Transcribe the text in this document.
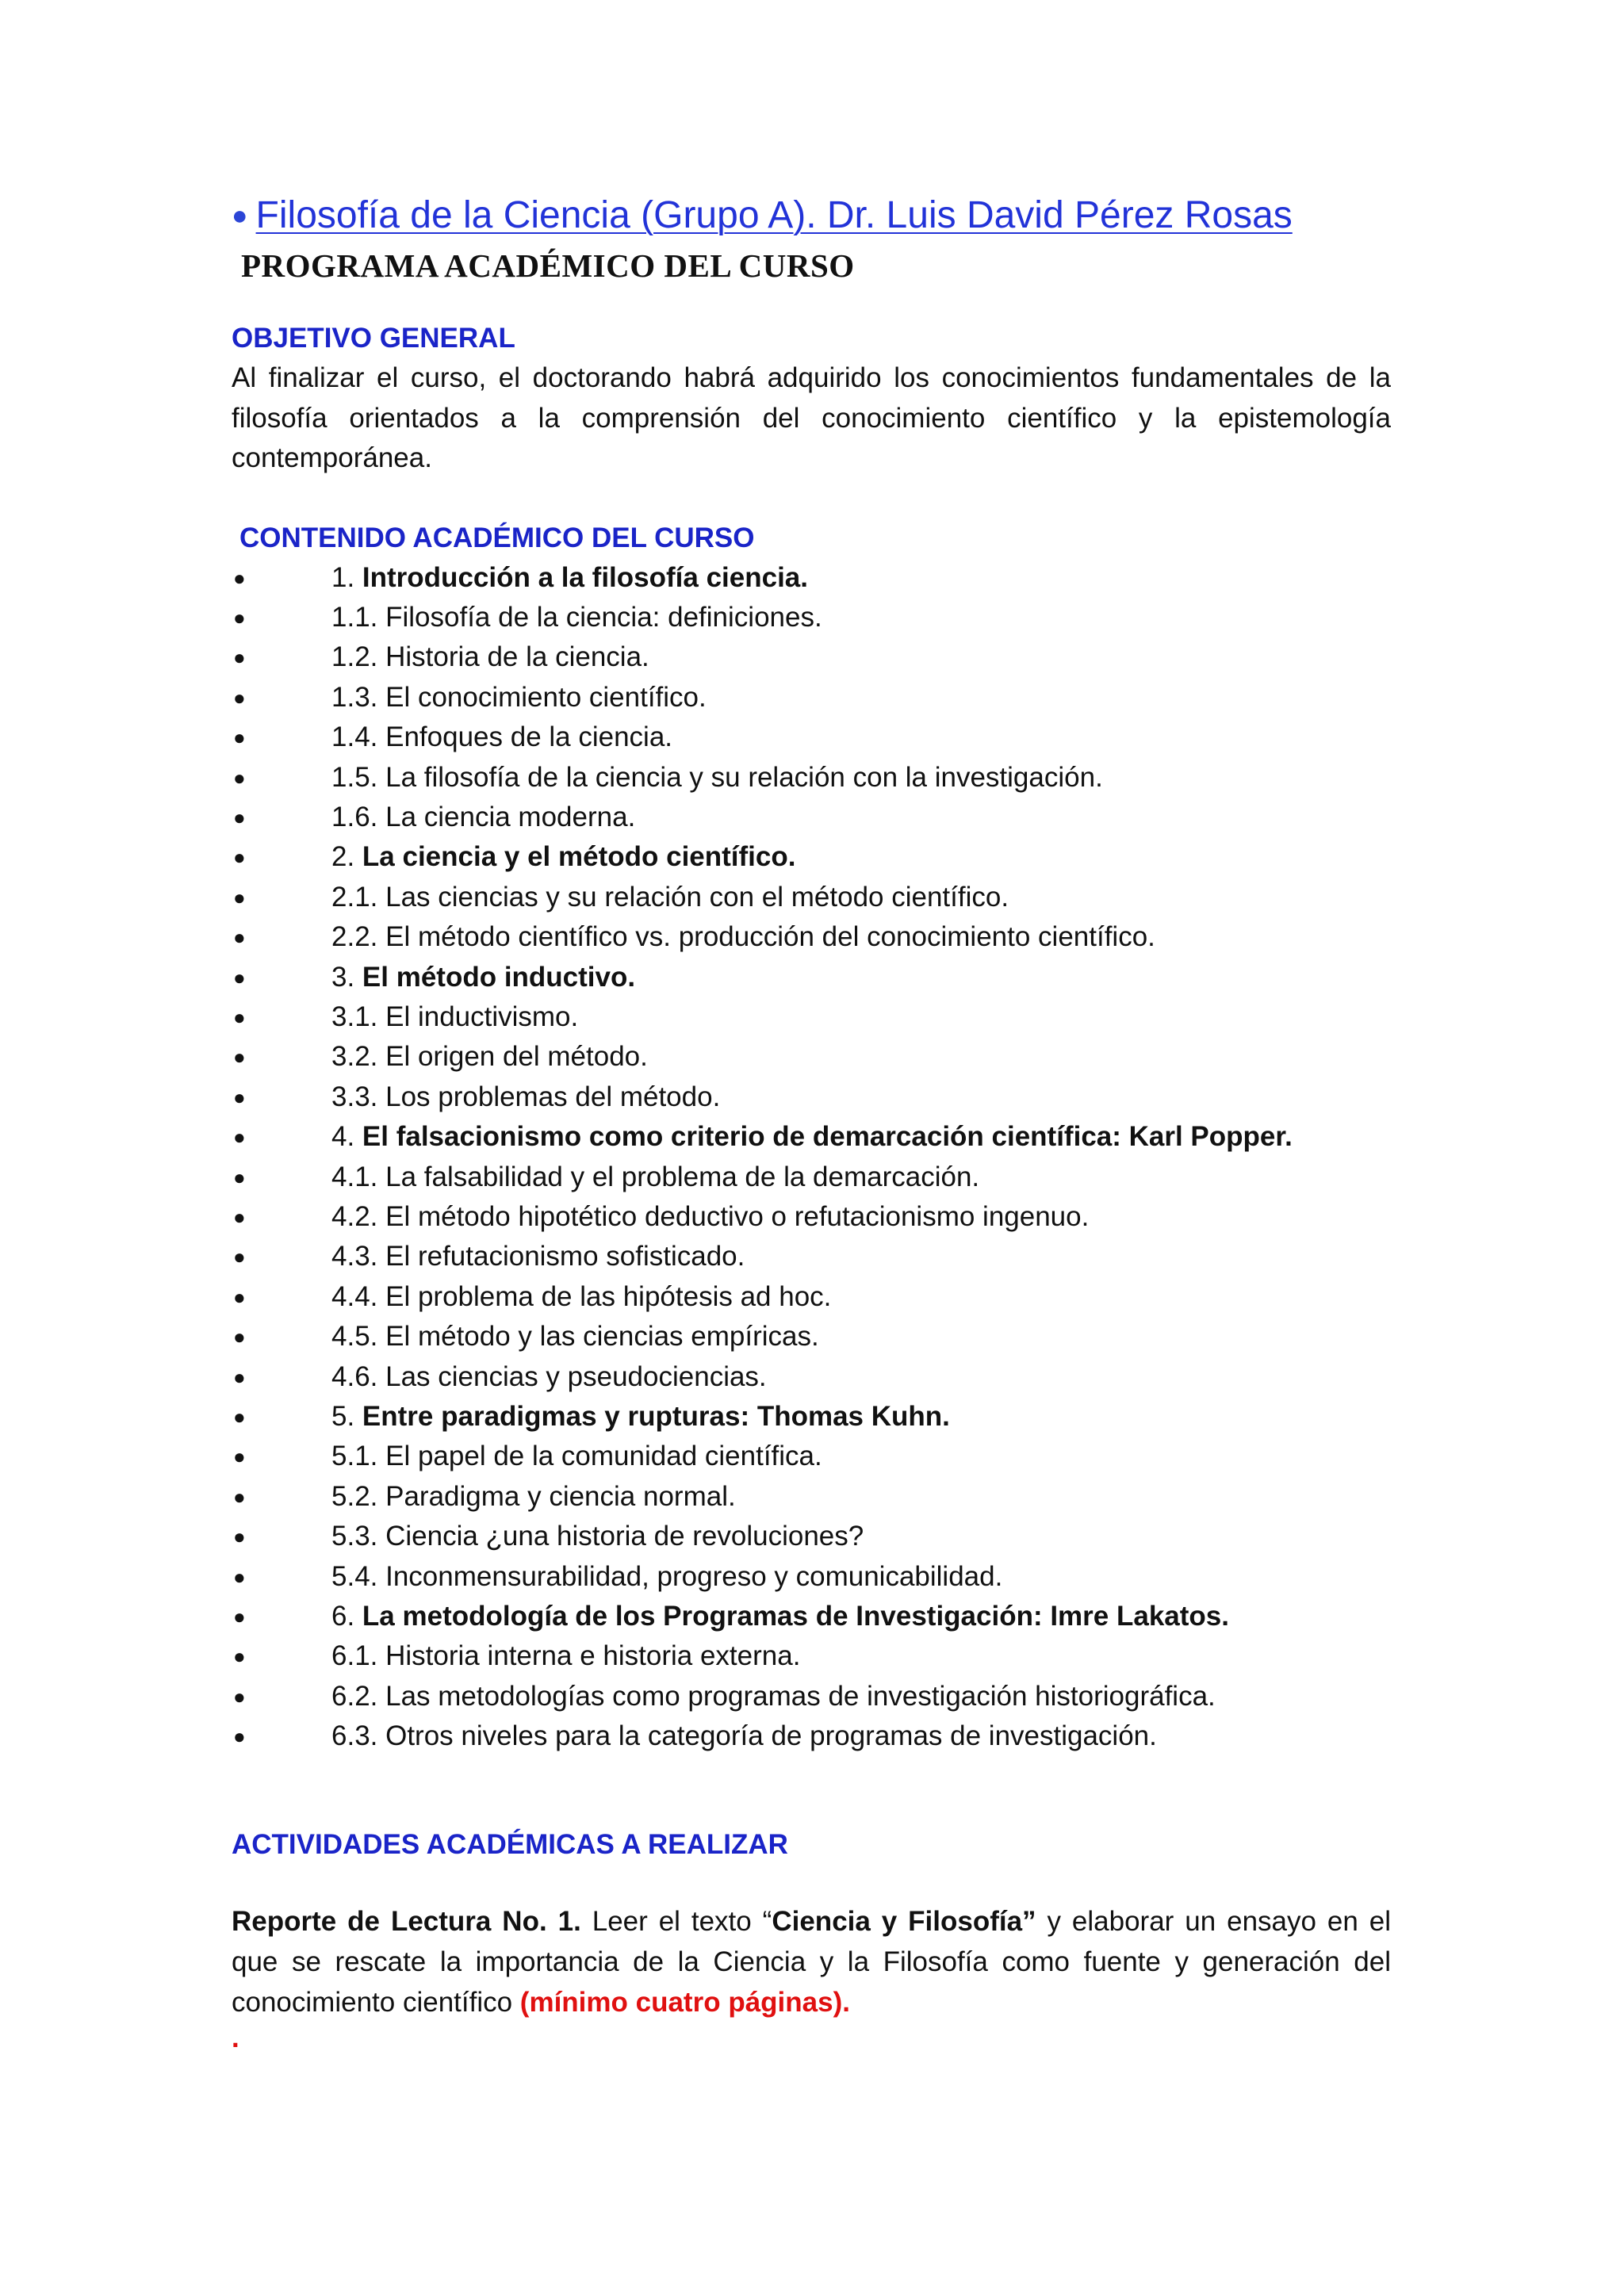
● Filosofía de la Ciencia (Grupo A). Dr. Luis David Pérez Rosas
PROGRAMA ACADÉMICO DEL CURSO
OBJETIVO GENERAL
Al finalizar el curso, el doctorando habrá adquirido los conocimientos fundamentales de la filosofía orientados a la comprensión del conocimiento científico y la epistemología contemporánea.
CONTENIDO ACADÉMICO DEL CURSO
●	1. Introducción a la filosofía ciencia.
●	1.1. Filosofía de la ciencia: definiciones.
●	1.2. Historia de la ciencia.
●	1.3. El conocimiento científico.
●	1.4. Enfoques de la ciencia.
●	1.5. La filosofía de la ciencia y su relación con la investigación.
●	1.6. La ciencia moderna.
●	2. La ciencia y el método científico.
●	2.1. Las ciencias y su relación con el método científico.
●	2.2. El método científico vs. producción del conocimiento científico.
●	3. El método inductivo.
●	3.1. El inductivismo.
●	3.2. El origen del método.
●	3.3. Los problemas del método.
●	4. El falsacionismo como criterio de demarcación científica: Karl Popper.
●	4.1. La falsabilidad y el problema de la demarcación.
●	4.2. El método hipotético deductivo o refutacionismo ingenuo.
●	4.3. El refutacionismo sofisticado.
●	4.4. El problema de las hipótesis ad hoc.
●	4.5. El método y las ciencias empíricas.
●	4.6. Las ciencias y pseudociencias.
●	5. Entre paradigmas y rupturas: Thomas Kuhn.
●	5.1. El papel de la comunidad científica.
●	5.2. Paradigma y ciencia normal.
●	5.3. Ciencia ¿una historia de revoluciones?
●	5.4. Inconmensurabilidad, progreso y comunicabilidad.
●	6. La metodología de los Programas de Investigación: Imre Lakatos.
●	6.1. Historia interna e historia externa.
●	6.2. Las metodologías como programas de investigación historiográfica.
●	6.3. Otros niveles para la categoría de programas de investigación.
ACTIVIDADES ACADÉMICAS A REALIZAR
Reporte de Lectura No. 1. Leer el texto “Ciencia y Filosofía” y elaborar un ensayo en el que se rescate la importancia de la Ciencia y la Filosofía como fuente y generación del conocimiento científico (mínimo cuatro páginas).
.
